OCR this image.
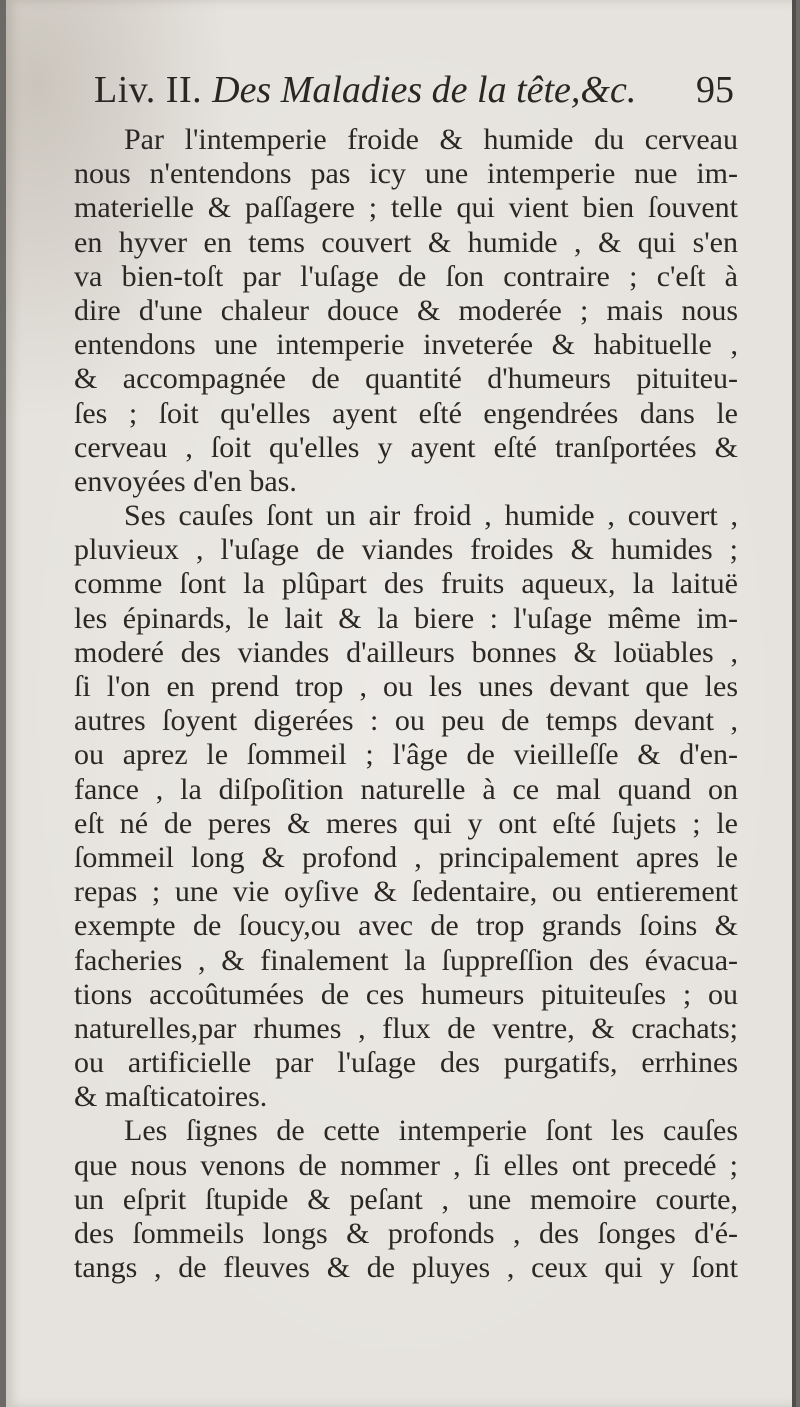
Liv. II. Des Maladies de la tête,&c. 95
Par l'intemperie froide & humide du cerveau
nous n'entendons pas icy une intemperie nue im-
materielle & paſſagere ; telle qui vient bien ſouvent
en hyver en tems couvert & humide , & qui s'en
va bien-toſt par l'uſage de ſon contraire ; c'eſt à
dire d'une chaleur douce & moderée ; mais nous
entendons une intemperie inveterée & habituelle ,
& accompagnée de quantité d'humeurs pituiteu-
ſes ; ſoit qu'elles ayent eſté engendrées dans le
cerveau , ſoit qu'elles y ayent eſté tranſportées &
envoyées d'en bas.
Ses cauſes ſont un air froid , humide , couvert ,
pluvieux , l'uſage de viandes froides & humides ;
comme ſont la plûpart des fruits aqueux, la laituë
les épinards, le lait & la biere : l'uſage même im-
moderé des viandes d'ailleurs bonnes & loüables ,
ſi l'on en prend trop , ou les unes devant que les
autres ſoyent digerées : ou peu de temps devant ,
ou aprez le ſommeil ; l'âge de vieilleſſe & d'en-
fance , la diſpoſition naturelle à ce mal quand on
eſt né de peres & meres qui y ont eſté ſujets ; le
ſommeil long & profond , principalement apres le
repas ; une vie oyſive & ſedentaire, ou entierement
exempte de ſoucy,ou avec de trop grands ſoins &
facheries , & finalement la ſuppreſſion des évacua-
tions accoûtumées de ces humeurs pituiteuſes ; ou
naturelles,par rhumes , flux de ventre, & crachats;
ou artificielle par l'uſage des purgatifs, errhines
& maſticatoires.
Les ſignes de cette intemperie ſont les cauſes
que nous venons de nommer , ſi elles ont precedé ;
un eſprit ſtupide & peſant , une memoire courte,
des ſommeils longs & profonds , des ſonges d'é-
tangs , de fleuves & de pluyes , ceux qui y ſont
